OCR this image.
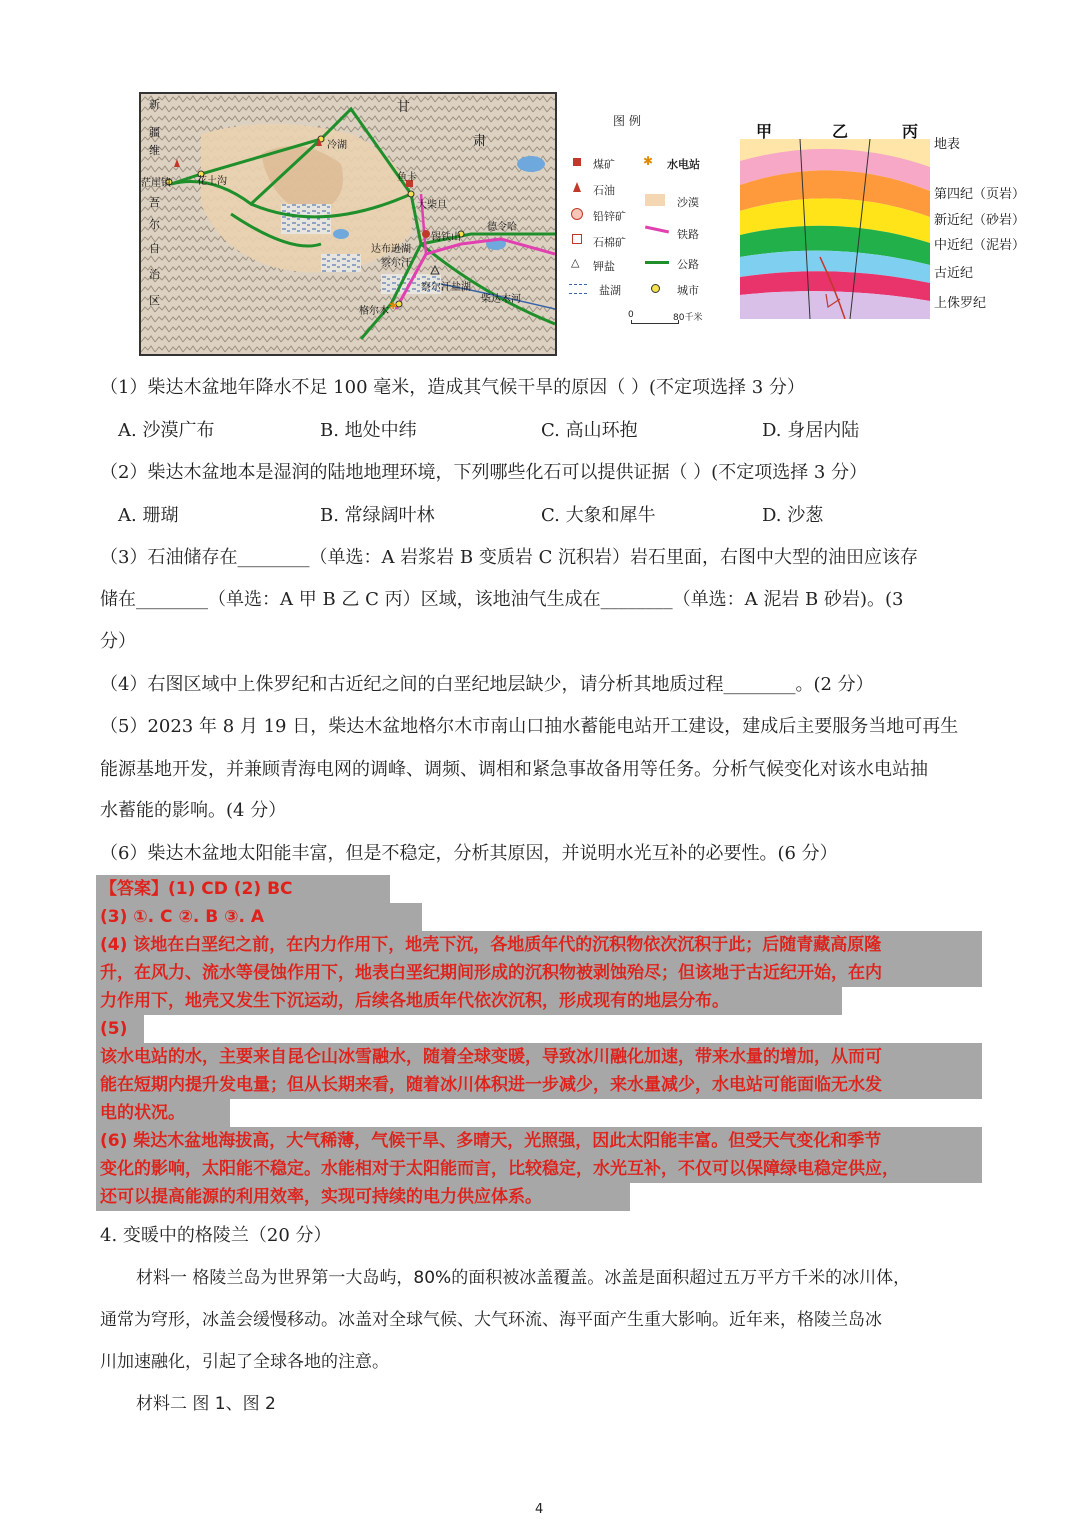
✱
新
疆
维
吾
尔
自
治
区
甘
肃
茫崖镇	花土沟
冷湖
鱼卡
大柴旦
锡铁山
德令哈
达布逊湖
察尔汗
察尔汗盐湖
格尔木
柴达木河
图 例
煤矿 ✱ 水电站
石油
沙漠
铅锌矿
铁路
石棉矿
公路
△ 钾盐
城市
盐湖
0	80千米
甲	乙	丙
地表
第四纪（页岩）
新近纪（砂岩）
中近纪（泥岩）
古近纪
上侏罗纪
（1）柴达木盆地年降水不足 100 毫米，造成其气候干旱的原因（ ）(不定项选择 3 分）
A. 沙漠广布	B. 地处中纬	C. 高山环抱	D. 身居内陆
（2）柴达木盆地本是湿润的陆地地理环境，下列哪些化石可以提供证据（ ）(不定项选择 3 分）
A. 珊瑚	B. 常绿阔叶林	C. 大象和犀牛	D. 沙葱
（3）石油储存在________（单选：A 岩浆岩 B 变质岩 C 沉积岩）岩石里面，右图中大型的油田应该存
储在________（单选：A 甲 B 乙 C 丙）区域，该地油气生成在________（单选：A 泥岩 B 砂岩)。(3
分）
（4）右图区域中上侏罗纪和古近纪之间的白垩纪地层缺少，请分析其地质过程________。(2 分）
（5）2023 年 8 月 19 日，柴达木盆地格尔木市南山口抽水蓄能电站开工建设，建成后主要服务当地可再生
能源基地开发，并兼顾青海电网的调峰、调频、调相和紧急事故备用等任务。分析气候变化对该水电站抽
水蓄能的影响。(4 分）
（6）柴达木盆地太阳能丰富，但是不稳定，分析其原因，并说明水光互补的必要性。(6 分）
【答案】(1) CD (2) BC
(3) ①. C ②. B ③. A
(4) 该地在白垩纪之前，在内力作用下，地壳下沉，各地质年代的沉积物依次沉积于此；后随青藏高原隆
升，在风力、流水等侵蚀作用下，地表白垩纪期间形成的沉积物被剥蚀殆尽；但该地于古近纪开始，在内
力作用下，地壳又发生下沉运动，后续各地质年代依次沉积，形成现有的地层分布。
(5)
该水电站的水，主要来自昆仑山冰雪融水，随着全球变暖，导致冰川融化加速，带来水量的增加，从而可
能在短期内提升发电量；但从长期来看，随着冰川体积进一步减少，来水量减少，水电站可能面临无水发
电的状况。
(6) 柴达木盆地海拔高，大气稀薄，气候干旱、多晴天，光照强，因此太阳能丰富。但受天气变化和季节
变化的影响，太阳能不稳定。水能相对于太阳能而言，比较稳定，水光互补，不仅可以保障绿电稳定供应，
还可以提高能源的利用效率，实现可持续的电力供应体系。
4. 变暖中的格陵兰（20 分）
材料一 格陵兰岛为世界第一大岛屿，80%的面积被冰盖覆盖。冰盖是面积超过五万平方千米的冰川体，
通常为穹形，冰盖会缓慢移动。冰盖对全球气候、大气环流、海平面产生重大影响。近年来，格陵兰岛冰
川加速融化，引起了全球各地的注意。
材料二 图 1、图 2
4
